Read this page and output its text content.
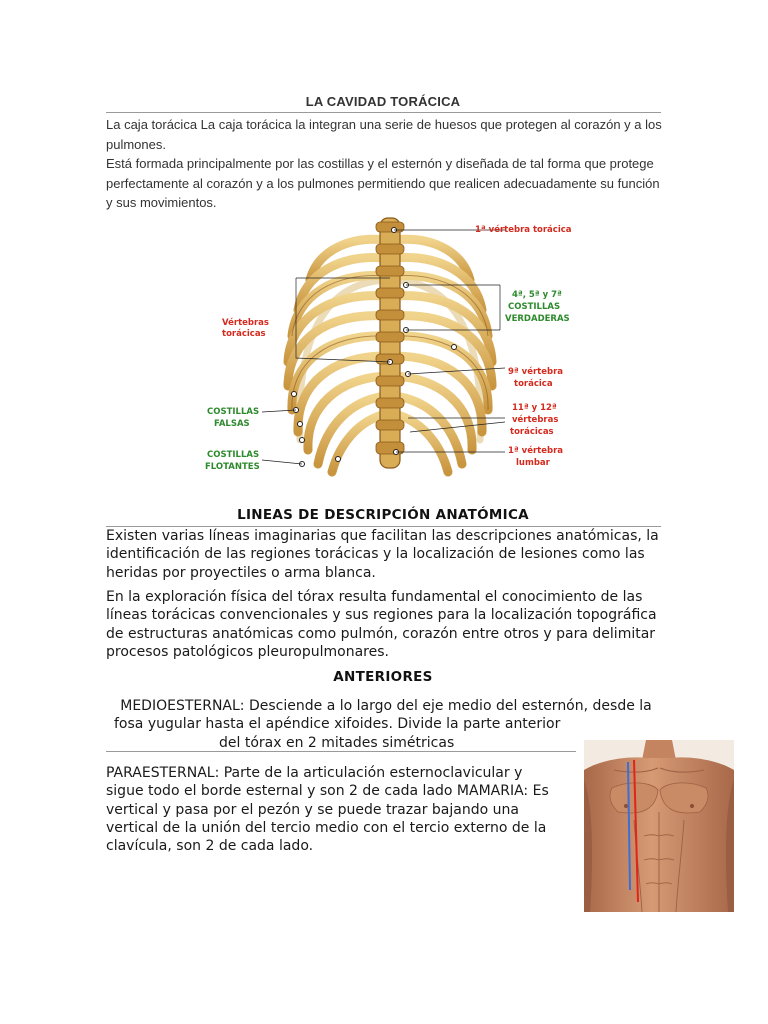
LA CAVIDAD TORÁCICA
La caja torácica La caja torácica la integran una serie de huesos que protegen al corazón y a los pulmones.
Está formada principalmente por las costillas y el esternón y diseñada de tal forma que protege perfectamente al corazón y a los pulmones permitiendo que realicen adecuadamente su función y sus movimientos.
1ª vértebra torácica
4ª, 5ª y 7ª
COSTILLAS
VERDADERAS
Vértebras
torácicas
9ª vértebra
torácica
11ª y 12ª
vértebras
torácicas
COSTILLAS
FALSAS
1ª vértebra
lumbar
COSTILLAS
FLOTANTES
LINEAS DE DESCRIPCIÓN ANATÓMICA
Existen varias líneas imaginarias que facilitan las descripciones anatómicas, la identificación de las regiones torácicas y la localización de lesiones como las heridas por proyectiles o arma blanca.
En la exploración física del tórax resulta fundamental el conocimiento de las líneas torácicas convencionales y sus regiones para la localización topográfica de estructuras anatómicas como pulmón, corazón entre otros y para delimitar procesos patológicos pleuropulmonares.
ANTERIORES
MEDIOESTERNAL: Desciende a lo largo del eje medio del esternón, desde la
fosa yugular hasta el apéndice xifoides. Divide la parte anterior
del tórax en 2 mitades simétricas
PARAESTERNAL: Parte de la articulación esternoclavicular y sigue todo el borde esternal y son 2 de cada lado MAMARIA: Es vertical y pasa por el pezón y se puede trazar bajando una vertical de la unión del tercio medio con el tercio externo de la clavícula, son 2 de cada lado.
